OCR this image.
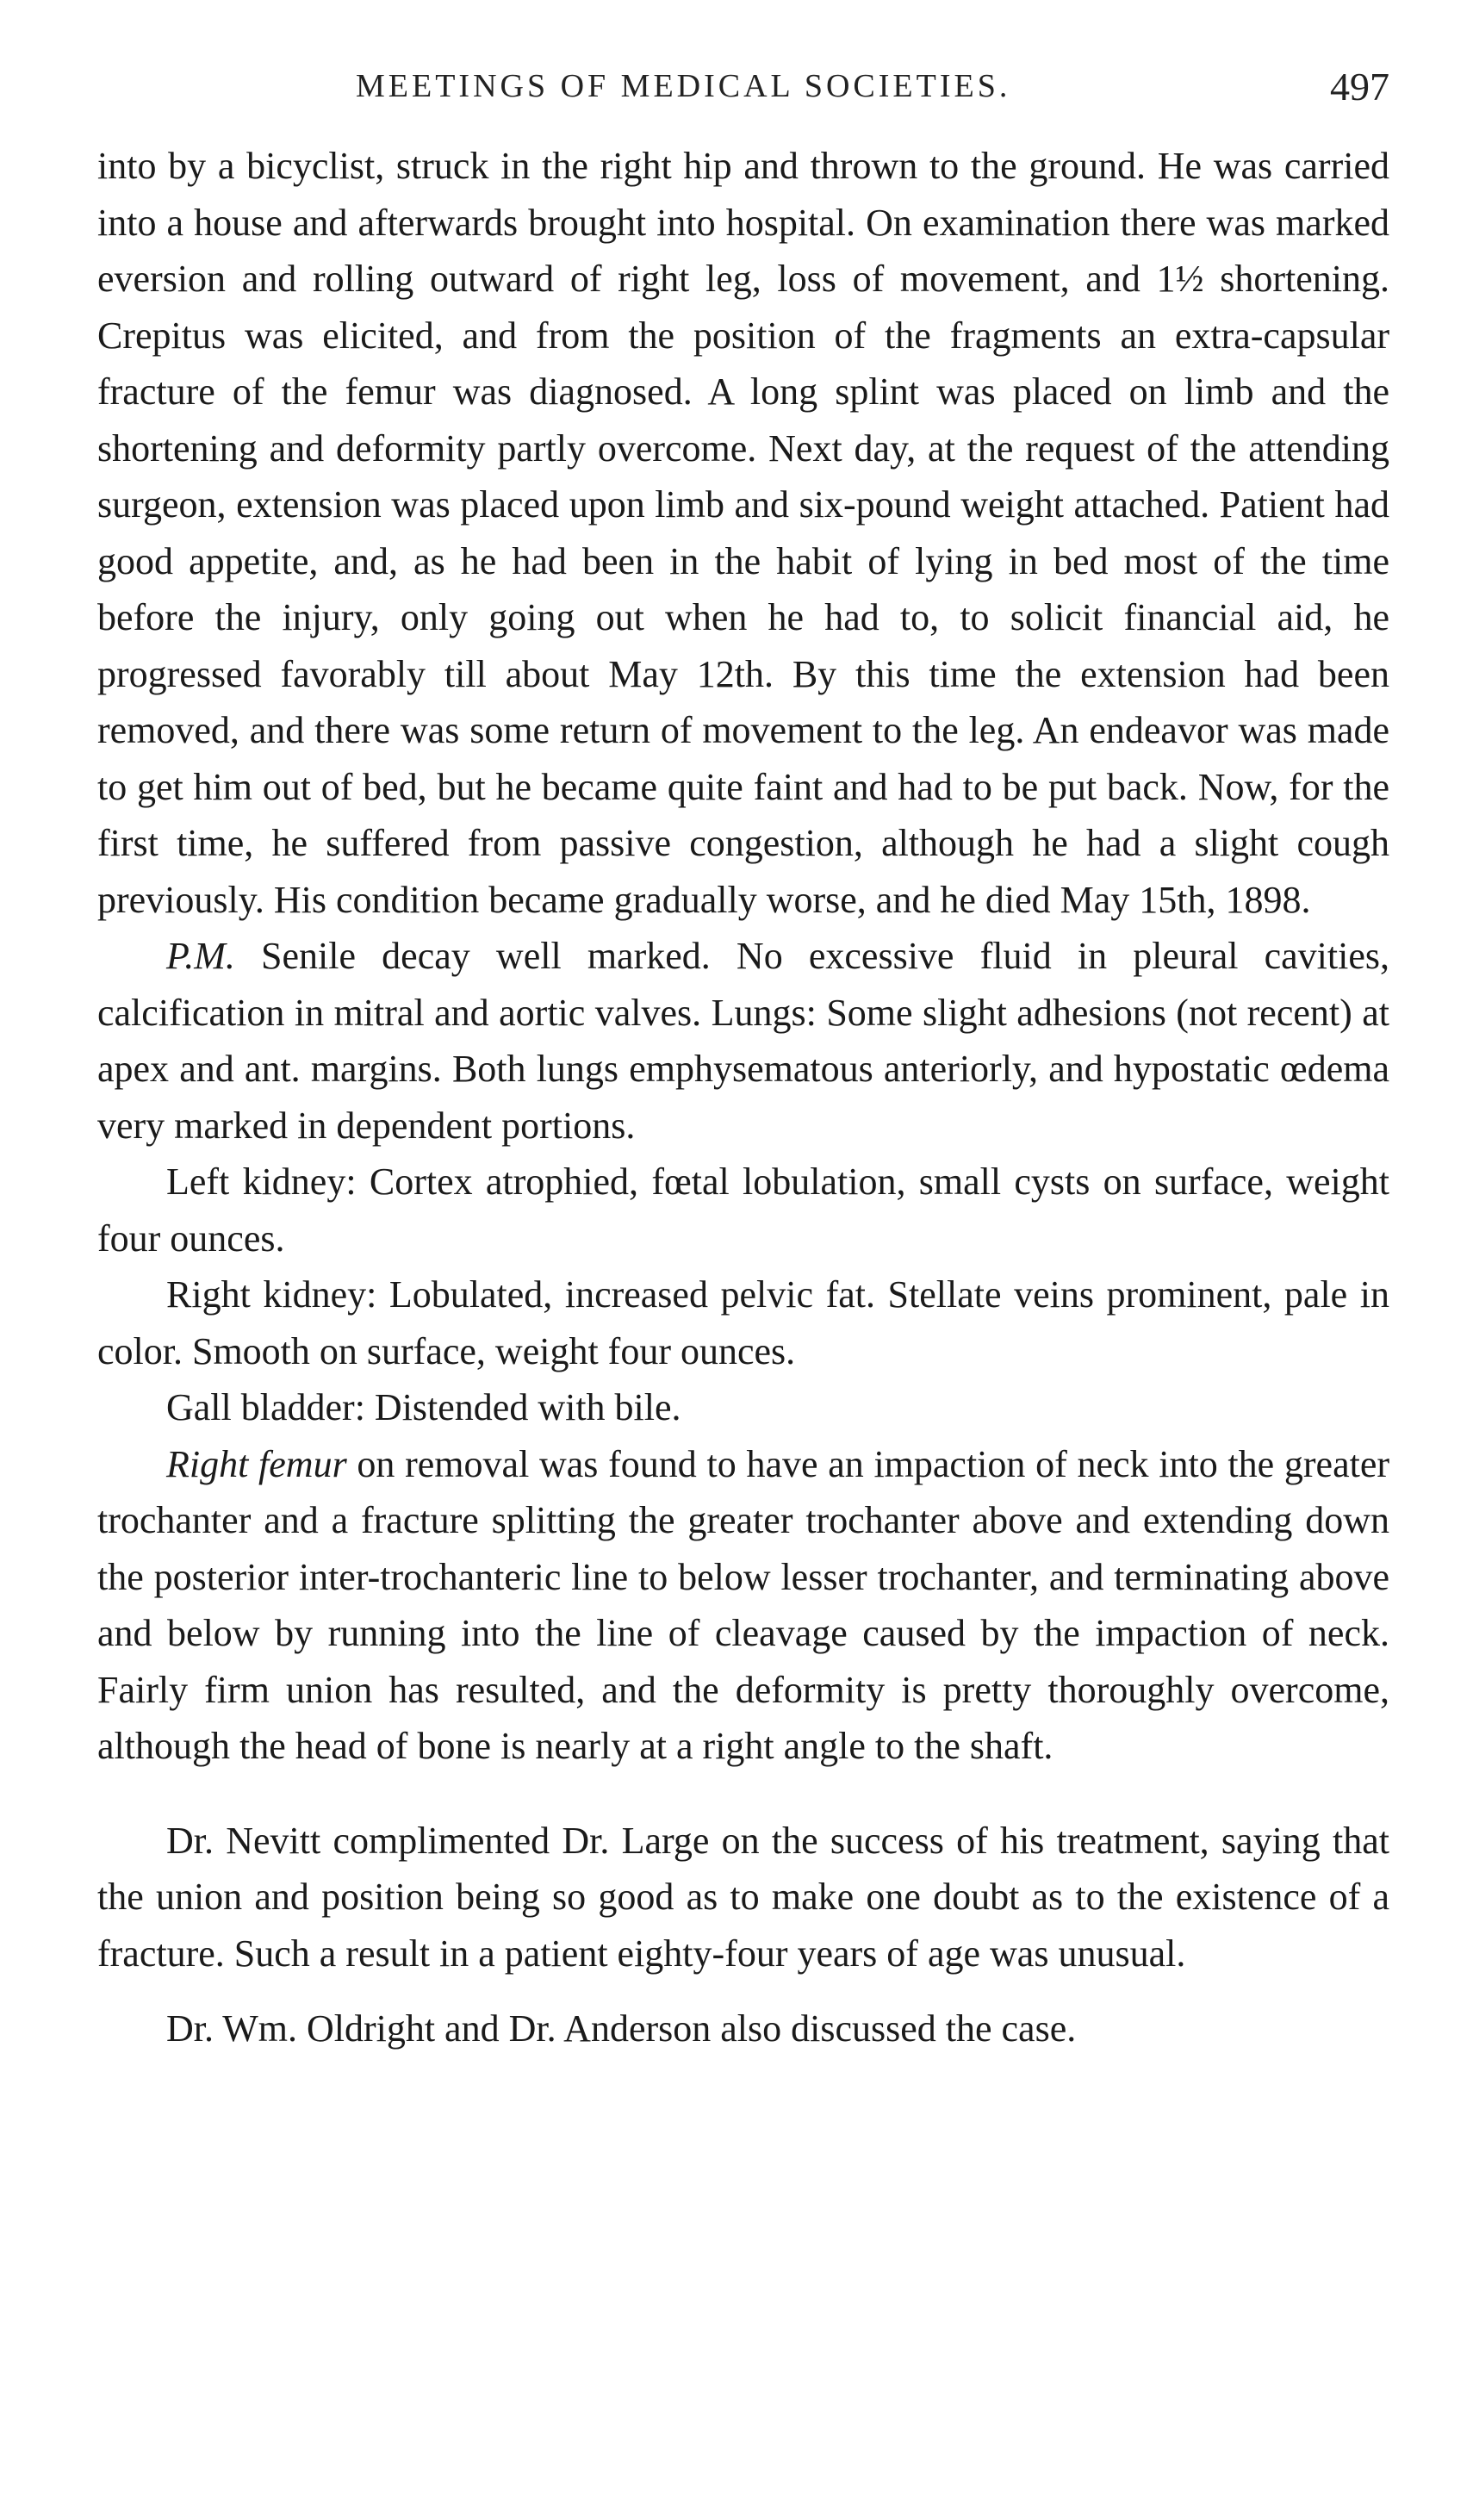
MEETINGS OF MEDICAL SOCIETIES.	497

into by a bicyclist, struck in the right hip and thrown to the ground. He was carried into a house and afterwards brought into hospital. On examination there was marked eversion and rolling outward of right leg, loss of movement, and 1½ shortening. Crepitus was elicited, and from the position of the fragments an extra-capsular fracture of the femur was diagnosed. A long splint was placed on limb and the shortening and deformity partly overcome. Next day, at the request of the attending surgeon, extension was placed upon limb and six-pound weight attached. Patient had good appetite, and, as he had been in the habit of lying in bed most of the time before the injury, only going out when he had to, to solicit financial aid, he progressed favorably till about May 12th. By this time the extension had been removed, and there was some return of movement to the leg. An endeavor was made to get him out of bed, but he became quite faint and had to be put back. Now, for the first time, he suffered from passive congestion, although he had a slight cough previously. His condition became gradually worse, and he died May 15th, 1898.

P.M. Senile decay well marked. No excessive fluid in pleural cavities, calcification in mitral and aortic valves. Lungs: Some slight adhesions (not recent) at apex and ant. margins. Both lungs emphysematous anteriorly, and hypostatic œdema very marked in dependent portions.

Left kidney: Cortex atrophied, fœtal lobulation, small cysts on surface, weight four ounces.

Right kidney: Lobulated, increased pelvic fat. Stellate veins prominent, pale in color. Smooth on surface, weight four ounces.

Gall bladder: Distended with bile.

Right femur on removal was found to have an impaction of neck into the greater trochanter and a fracture splitting the greater trochanter above and extending down the posterior inter-trochanteric line to below lesser trochanter, and terminating above and below by running into the line of cleavage caused by the impaction of neck. Fairly firm union has resulted, and the deformity is pretty thoroughly overcome, although the head of bone is nearly at a right angle to the shaft.

Dr. Nevitt complimented Dr. Large on the success of his treatment, saying that the union and position being so good as to make one doubt as to the existence of a fracture. Such a result in a patient eighty-four years of age was unusual.

Dr. Wm. Oldright and Dr. Anderson also discussed the case.
